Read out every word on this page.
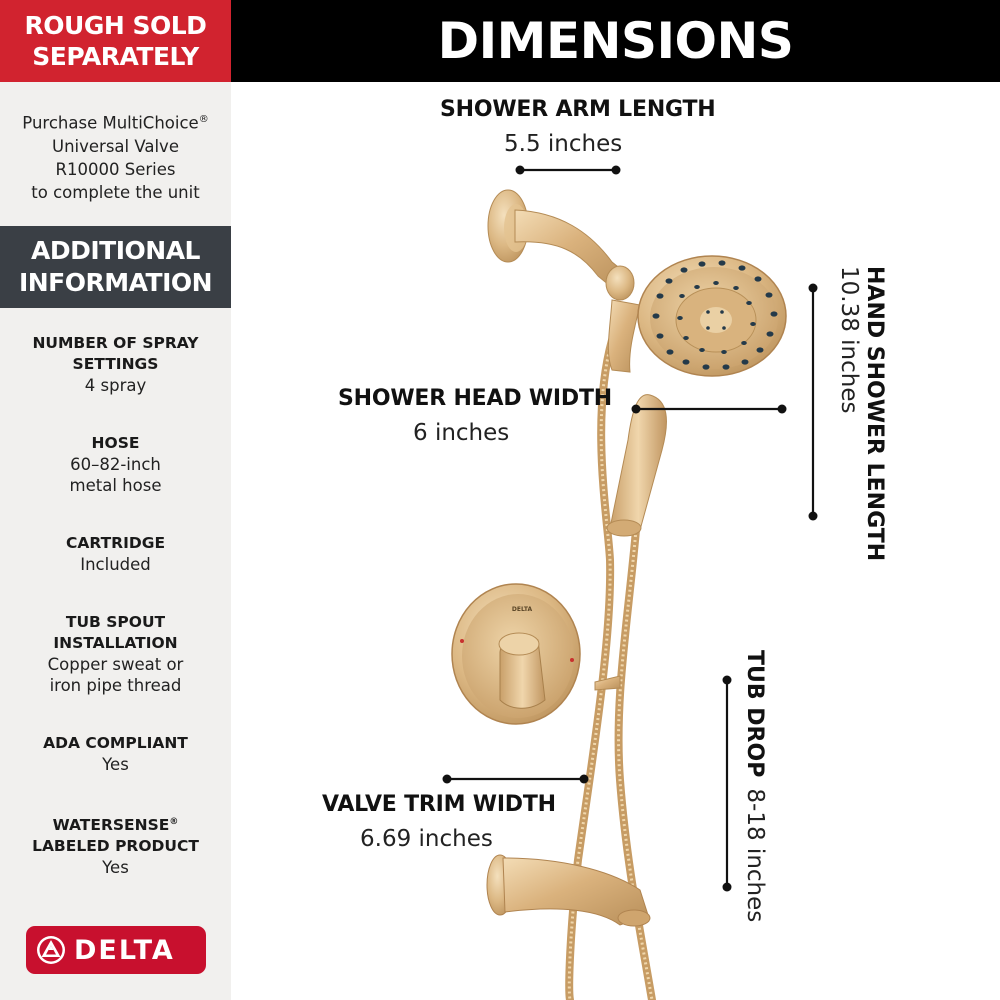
ROUGH SOLD
SEPARATELY
Purchase MultiChoice®
Universal Valve
R10000 Series
to complete the unit
ADDITIONAL
INFORMATION
NUMBER OF SPRAY
SETTINGS
4 spray
HOSE
60–82-inch
metal hose
CARTRIDGE
Included
TUB SPOUT
INSTALLATION
Copper sweat or
iron pipe thread
ADA COMPLIANT
Yes
WATERSENSE®
LABELED PRODUCT
Yes
DELTA
DIMENSIONS
DELTA
SHOWER ARM LENGTH
5.5 inches
SHOWER HEAD WIDTH
6 inches
VALVE TRIM WIDTH
6.69 inches
HAND SHOWER LENGTH
10.38 inches
TUB DROP 8-18 inches
